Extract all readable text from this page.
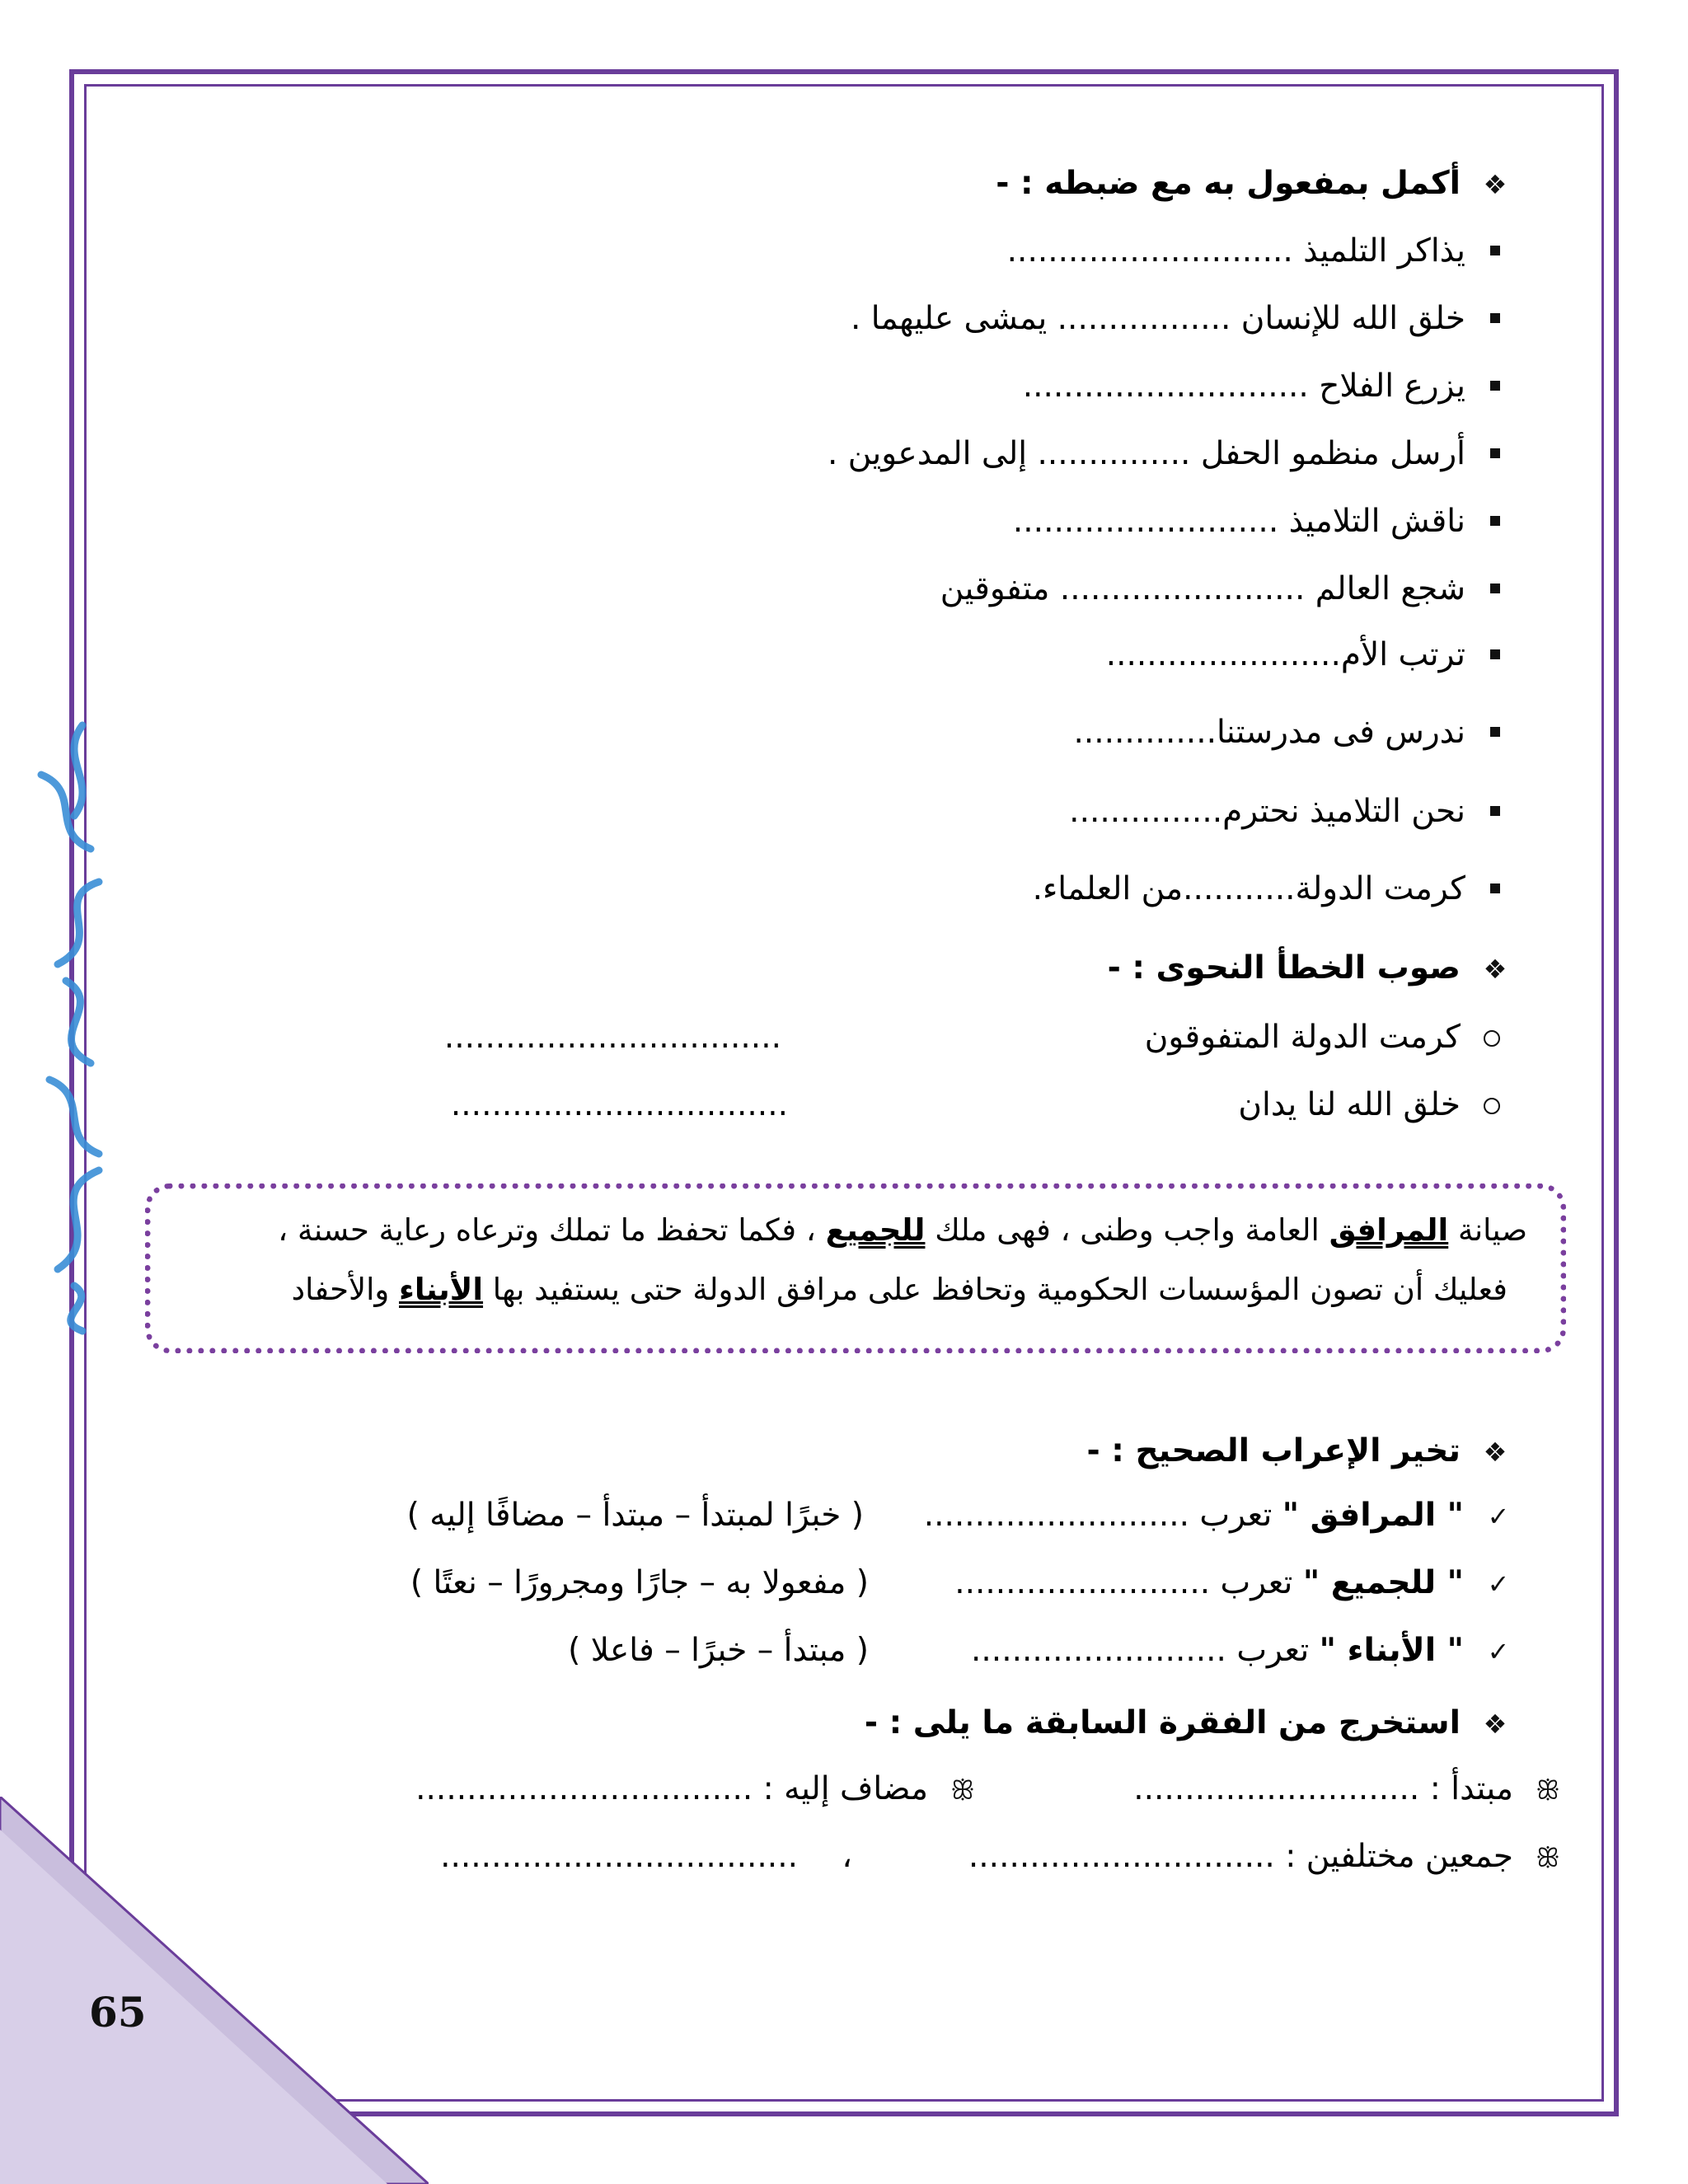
65
❖أكمل بمفعول به مع ضبطه : -
يذاكر التلميذ ............................
خلق الله للإنسان ................. يمشى عليهما .
يزرع الفلاح ............................
أرسل منظمو الحفل ............... إلى المدعوين .
ناقش التلاميذ ..........................
شجع العالم ........................ متفوقين
ترتب الأم.......................
ندرس فى مدرستنا..............
نحن التلاميذ نحترم...............
كرمت الدولة...........من العلماء.
❖صوب الخطأ النحوى : -
كرمت الدولة المتفوقون
.................................
خلق الله لنا يدان
.................................
صيانة المرافق العامة واجب وطنى ، فهى ملك للجميع ، فكما تحفظ ما تملك وترعاه رعاية حسنة ،
فعليك أن تصون المؤسسات الحكومية وتحافظ على مرافق الدولة حتى يستفيد بها الأبناء والأحفاد
❖تخير الإعراب الصحيح : -
✓" المرافق " تعرب ..........................
( خبرًا لمبتدأ – مبتدأ – مضافًا إليه )
✓" للجميع " تعرب .........................
( مفعولا به – جارًا ومجرورًا – نعتًا )
✓" الأبناء " تعرب .........................
( مبتدأ – خبرًا – فاعلا )
❖استخرج من الفقرة السابقة ما يلى : -
ꕥمبتدأ : ............................
ꕥمضاف إليه : .................................
ꕥجمعين مختلفين : ..............................
،
...................................
